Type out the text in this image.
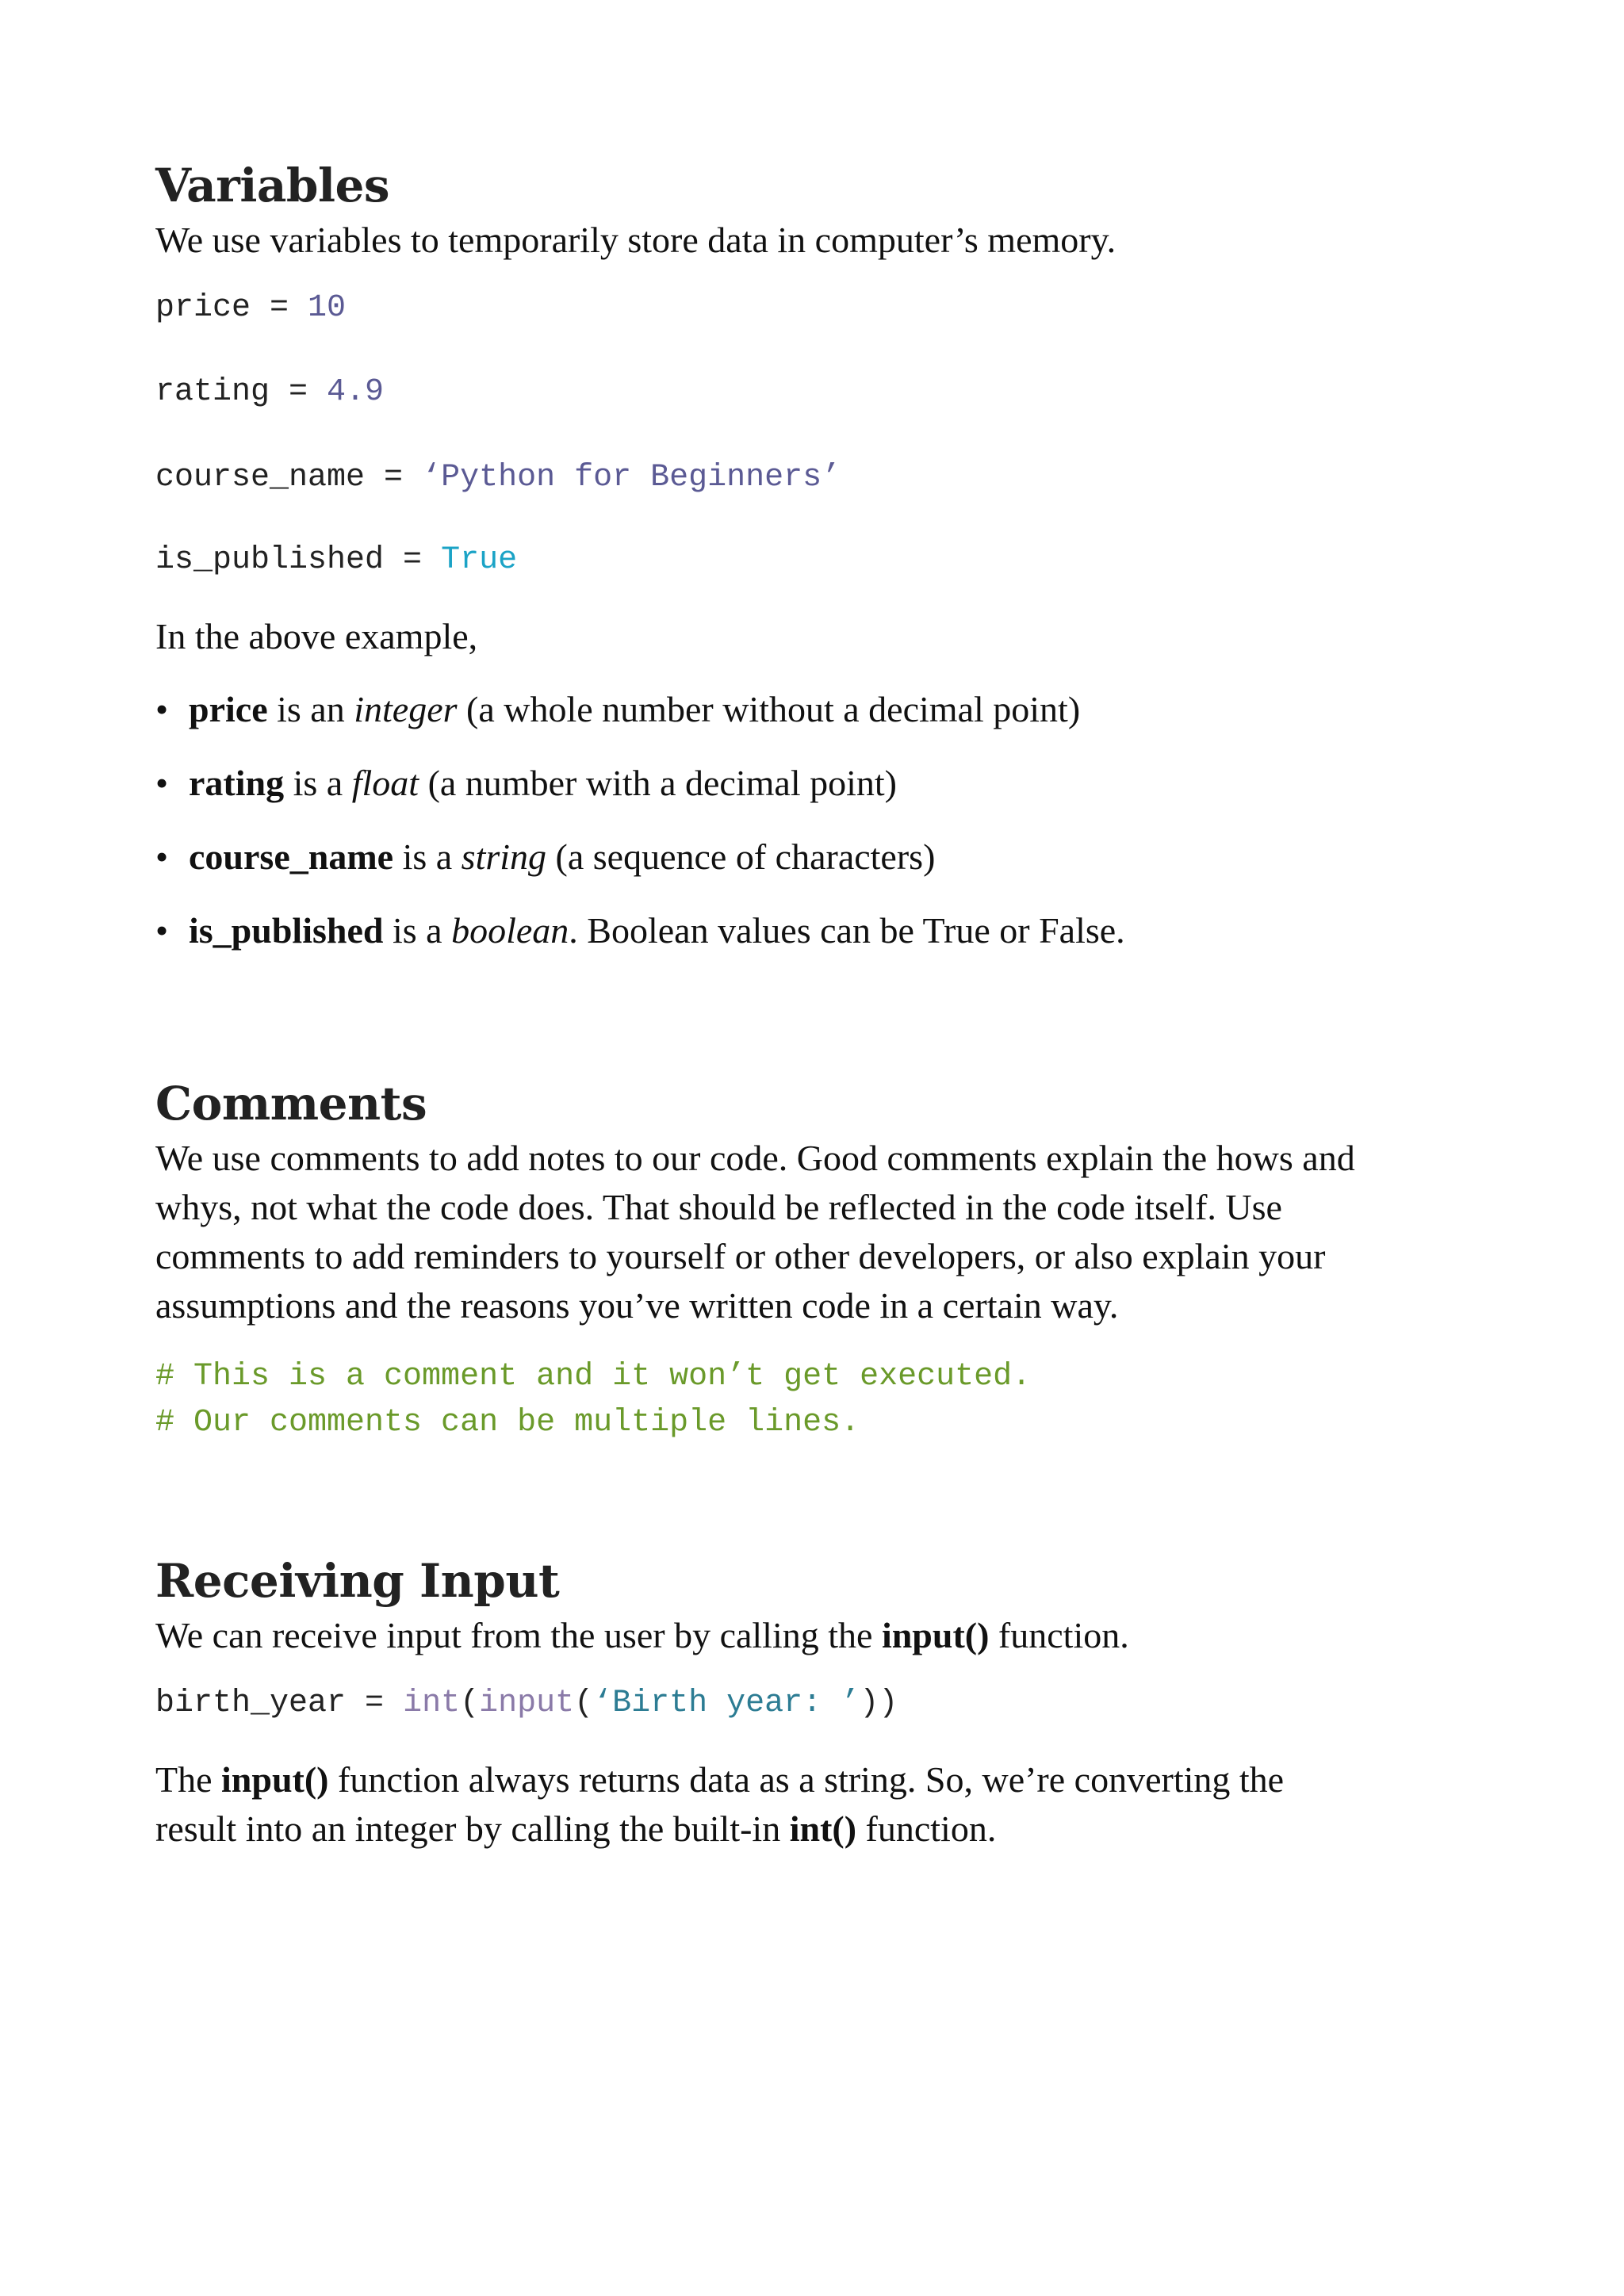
Variables

We use variables to temporarily store data in computer’s memory.

price = 10
rating = 4.9
course_name = ‘Python for Beginners’
is_published = True

In the above example,

• price is an integer (a whole number without a decimal point)
• rating is a float (a number with a decimal point)
• course_name is a string (a sequence of characters)
• is_published is a boolean. Boolean values can be True or False.
Comments

We use comments to add notes to our code. Good comments explain the hows and

whys, not what the code does. That should be reflected in the code itself. Use

comments to add reminders to yourself or other developers, or also explain your

assumptions and the reasons you’ve written code in a certain way.

# This is a comment and it won’t get executed.
# Our comments can be multiple lines.
Receiving Input

We can receive input from the user by calling the input() function.

birth_year = int(input(‘Birth year: ’))

The input() function always returns data as a string. So, we’re converting the

result into an integer by calling the built-in int() function.
